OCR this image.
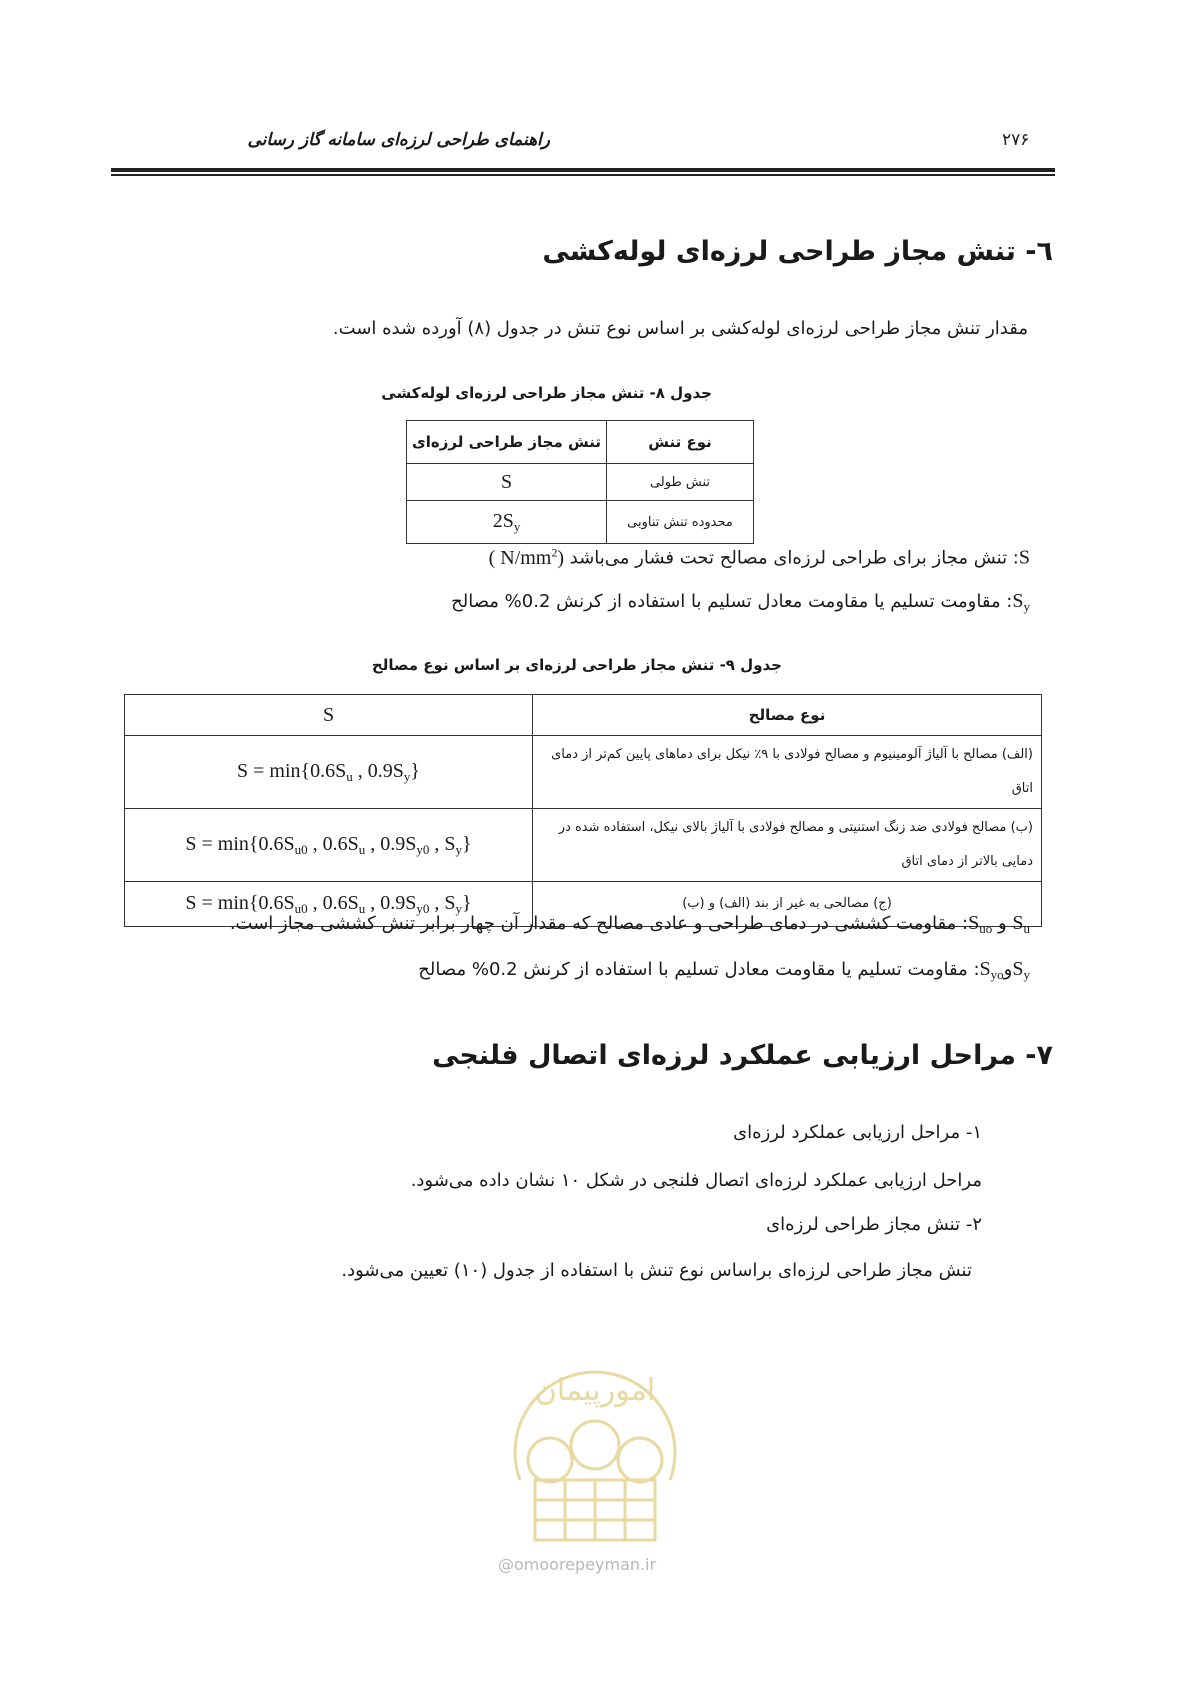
راهنمای طراحی لرزه‌ای سامانه گاز رسانی	۲۷۶
٦- تنش مجاز طراحی لرزه‌ای لوله‌کشی
مقدار تنش مجاز طراحی لرزه‌ای لوله‌کشی بر اساس نوع تنش در جدول (۸) آورده شده است.
جدول ۸- تنش مجاز طراحی لرزه‌ای لوله‌کشی
نوع تنش	تنش مجاز طراحی لرزه‌ای
تنش طولی	S
محدوده تنش تناوبی	$2S_y$
S: تنش مجاز برای طراحی لرزه‌ای مصالح تحت فشار می‌باشد ( $N/mm^2$)
$S_y$: مقاومت تسلیم یا مقاومت معادل تسلیم با استفاده از کرنش 0.2% مصالح
جدول ۹- تنش مجاز طراحی لرزه‌ای بر اساس نوع مصالح
نوع مصالح	S
(الف) مصالح با آلیاژ آلومینیوم و مصالح فولادی با ۹٪ نیکل برای دماهای پایین کم‌تر از دمای اتاق	$S = \min\{0.6S_u$ , $0.9S_y$}
(ب) مصالح فولادی ضد زنگ استنیتی و مصالح فولادی با آلیاژ بالای نیکل، استفاده شده در دمایی بالاتر از دمای اتاق	$S = \min\{0.6S_{u0}$ , $0.6S_u$ , $0.9S_{y0}$ , $S_y$}
(ج) مصالحی به غیر از بند (الف) و (ب)	$S = \min\{0.6S_{u0}$ , $0.6S_u$ , $0.9S_{y0}$ , $S_y$}
$S_u$ و $S_{uo}$: مقاومت کششی در دمای طراحی و عادی مصالح که مقدار آن چهار برابر تنش کششی مجاز است.
$S_yوS_{yo}$: مقاومت تسلیم یا مقاومت معادل تسلیم با استفاده از کرنش 0.2% مصالح
۷- مراحل ارزیابی عملکرد لرزه‌ای اتصال فلنجی
۱- مراحل ارزیابی عملکرد لرزه‌ای
مراحل ارزیابی عملکرد لرزه‌ای اتصال فلنجی در شکل ۱۰ نشان داده می‌شود.
۲- تنش مجاز طراحی لرزه‌ای
تنش مجاز طراحی لرزه‌ای براساس نوع تنش با استفاده از جدول (۱۰) تعیین می‌شود.
امورپیمان
@omoorepeyman.ir
